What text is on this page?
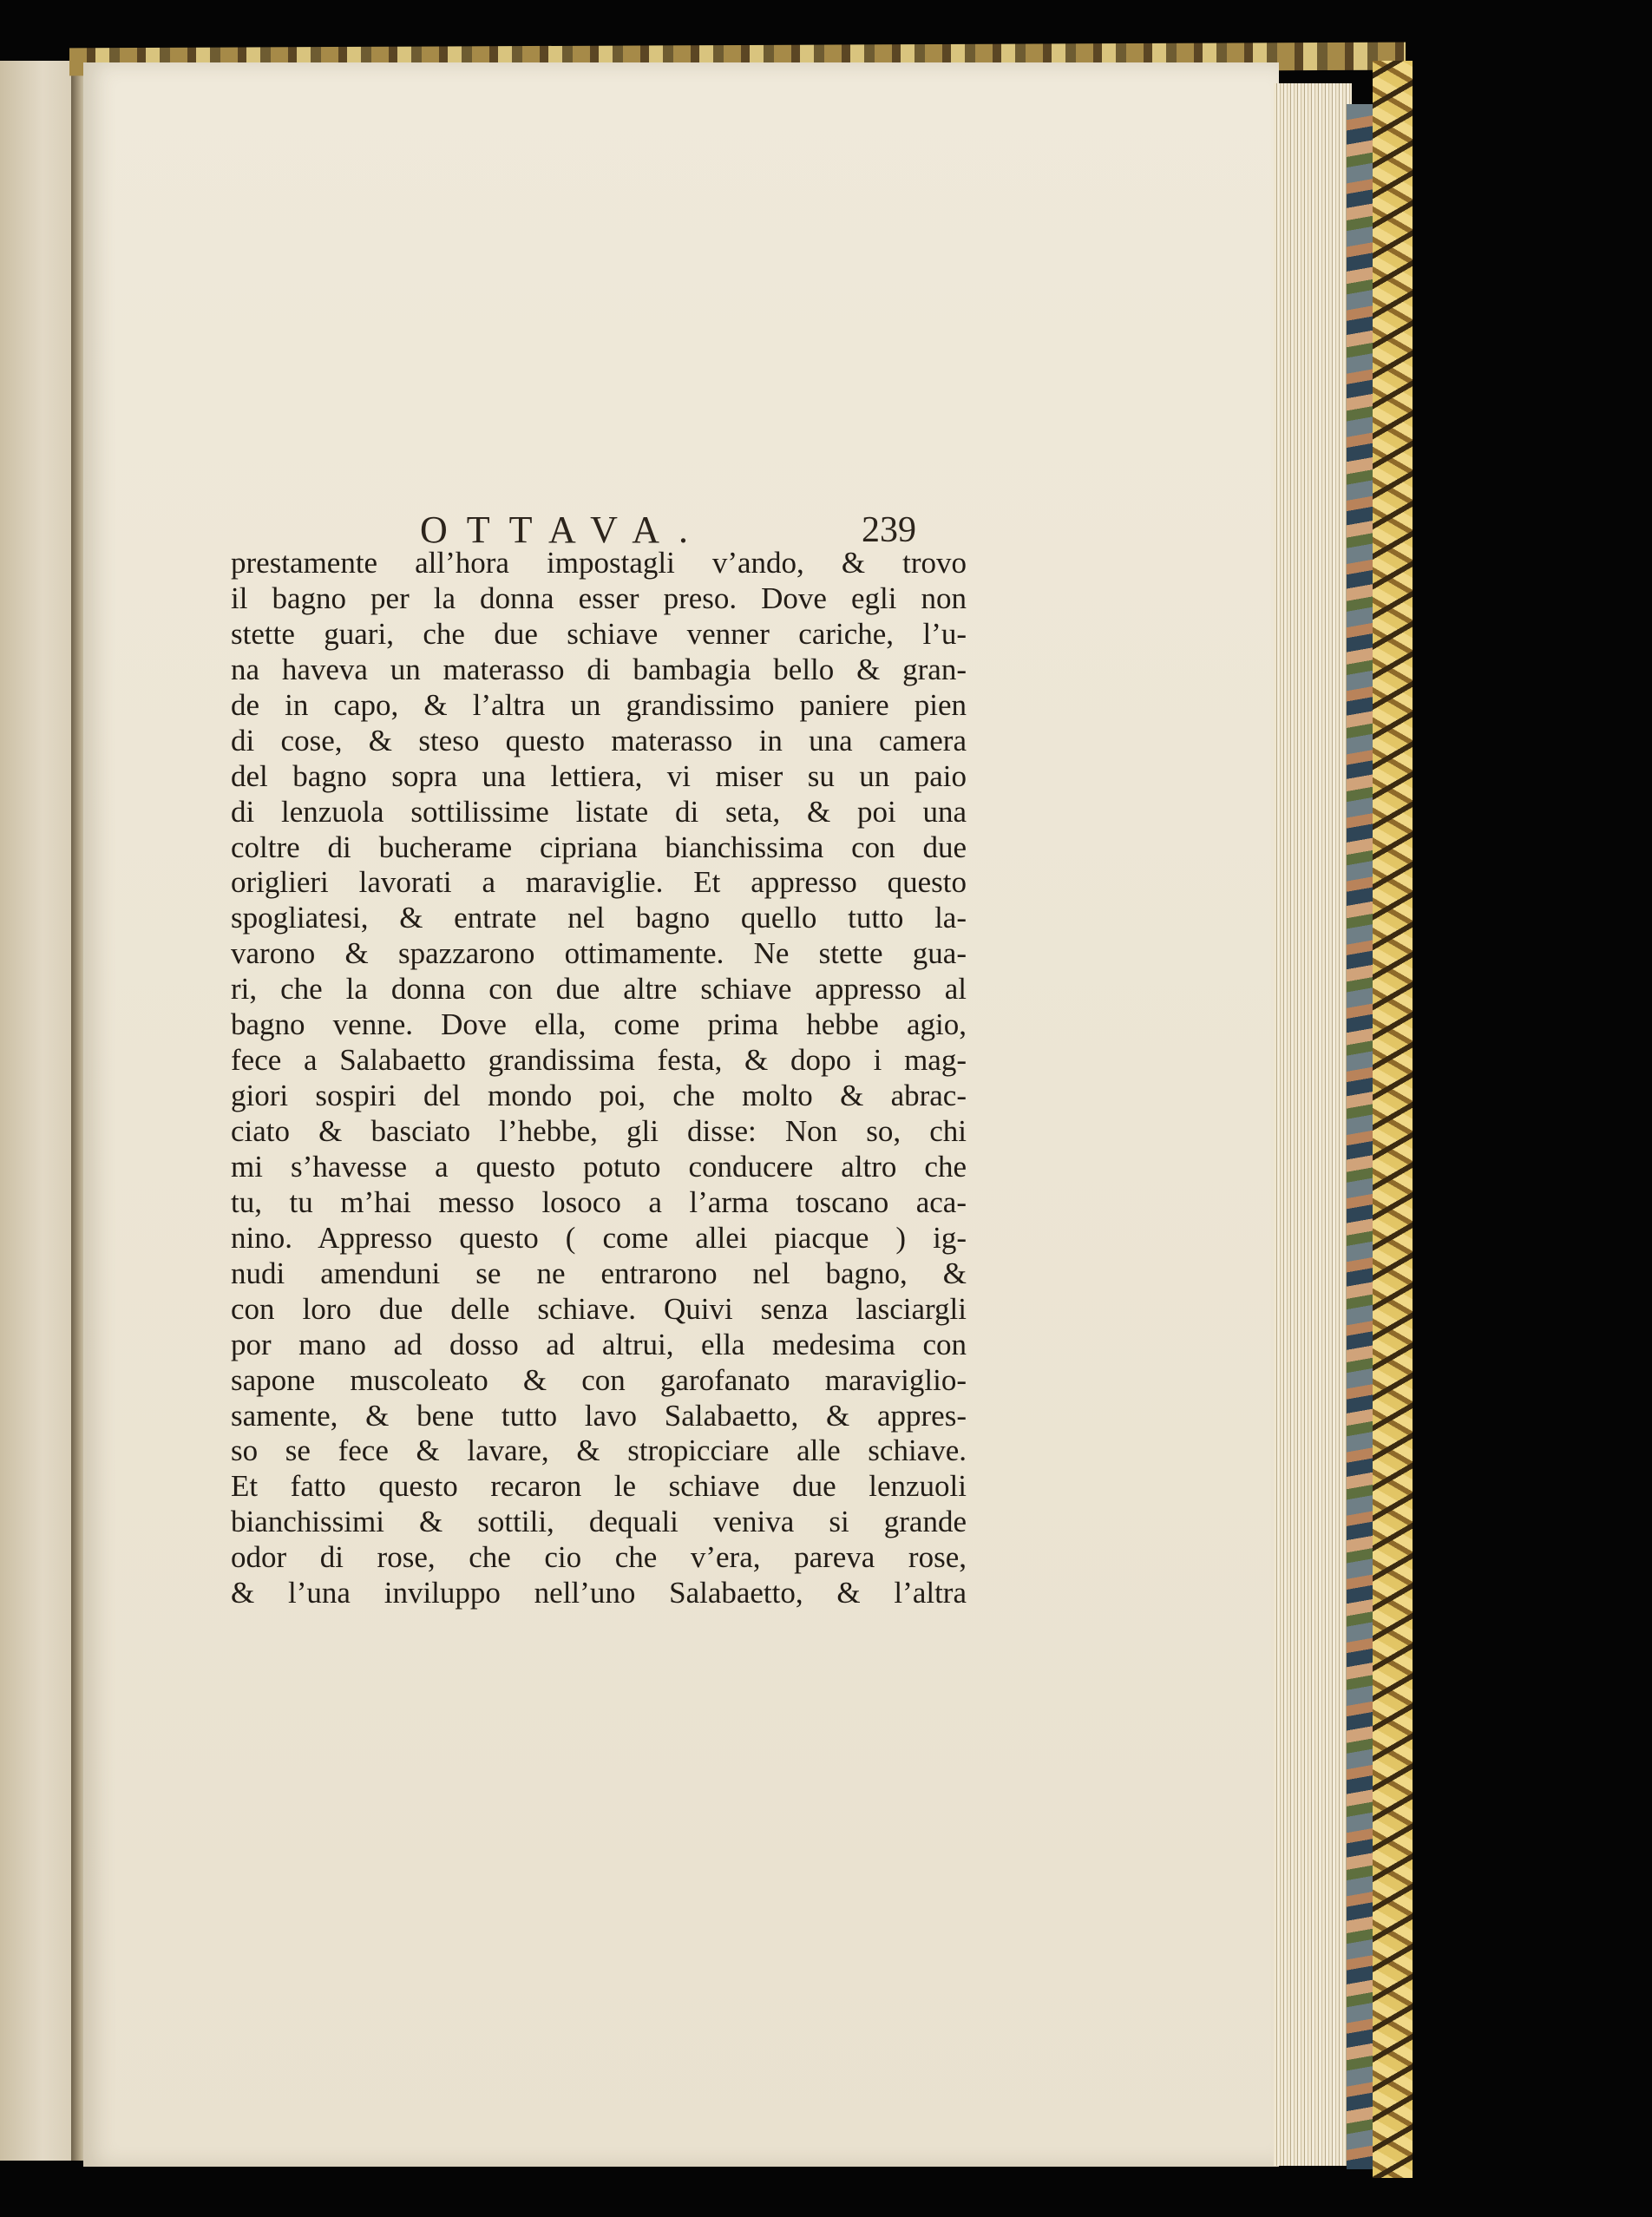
OTTAVA.	239
prestamente all’hora impostagli v’ando, & trovo
il bagno per la donna esser preso. Dove egli non
stette guari, che due schiave venner cariche, l’u-
na haveva un materasso di bambagia bello & gran-
de in capo, & l’altra un grandissimo paniere pien
di cose, & steso questo materasso in una camera
del bagno sopra una lettiera, vi miser su un paio
di lenzuola sottilissime listate di seta, & poi una
coltre di bucherame cipriana bianchissima con due
origlieri lavorati a maraviglie. Et appresso questo
spogliatesi, & entrate nel bagno quello tutto la-
varono & spazzarono ottimamente. Ne stette gua-
ri, che la donna con due altre schiave appresso al
bagno venne. Dove ella, come prima hebbe agio,
fece a Salabaetto grandissima festa, & dopo i mag-
giori sospiri del mondo poi, che molto & abrac-
ciato & basciato l’hebbe, gli disse: Non so, chi
mi s’havesse a questo potuto conducere altro che
tu, tu m’hai messo losoco a l’arma toscano aca-
nino. Appresso questo ( come allei piacque ) ig-
nudi amenduni se ne entrarono nel bagno, &
con loro due delle schiave. Quivi senza lasciargli
por mano ad dosso ad altrui, ella medesima con
sapone muscoleato & con garofanato maraviglio-
samente, & bene tutto lavo Salabaetto, & appres-
so se fece & lavare, & stropicciare alle schiave.
Et fatto questo recaron le schiave due lenzuoli
bianchissimi & sottili, dequali veniva si grande
odor di rose, che cio che v’era, pareva rose,
& l’una inviluppo nell’uno Salabaetto, & l’altra
